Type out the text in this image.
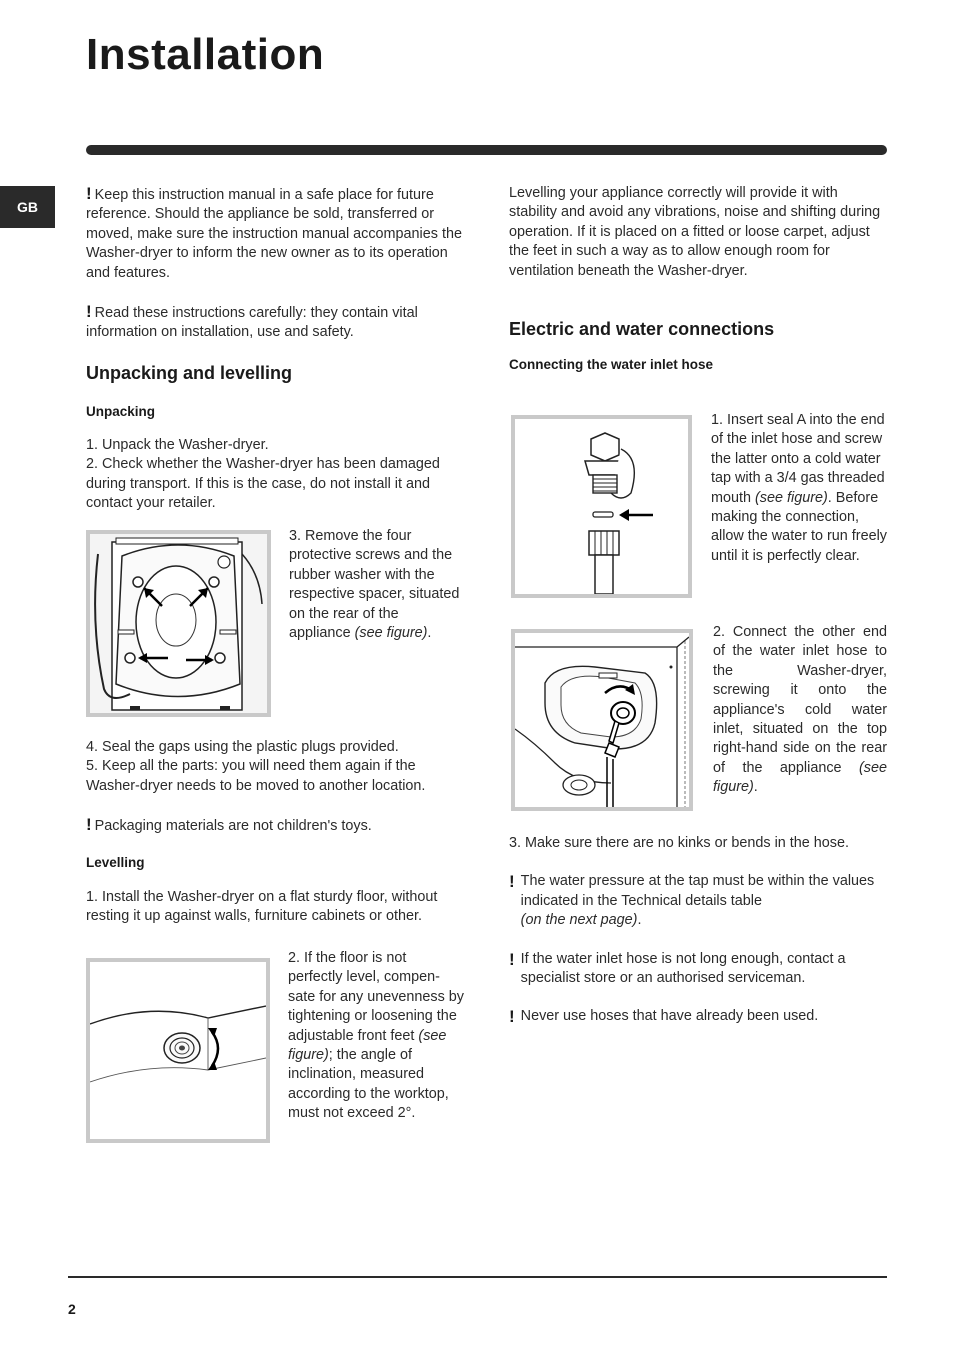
Installation
GB

! Keep this instruction manual in a safe place for future reference. Should the appliance be sold, transferred or moved, make sure the instruction manual accompanies the Washer-dryer to inform the new owner as to its operation and features.

! Read these instructions carefully: they contain vital information on installation, use and safety.

Unpacking and levelling
Unpacking

1. Unpack the Washer-dryer.

2. Check whether the Washer-dryer has been damaged during transport. If this is the case, do not install it and contact your retailer.

3. Remove the four protective screws and the rubber washer with the respective spacer, situated on the rear of the appliance (see figure).

4. Seal the gaps using the plastic plugs provided.

5. Keep all the parts: you will need them again if the Washer-dryer needs to be moved to another location.

! Packaging materials are not children's toys.

Levelling

1. Install the Washer-dryer on a flat sturdy floor, without resting it up against walls, furniture cabinets or other.

2. If the floor is not perfectly level, compen-sate for any unevenness by tightening or loosening the adjustable front feet (see figure); the angle of inclination, measured according to the worktop, must not exceed 2°.

Levelling your appliance correctly will provide it with stability and avoid any vibrations, noise and shifting during operation. If it is placed on a fitted or loose carpet, adjust the feet in such a way as to allow enough room for ventilation beneath the Washer-dryer.

Electric and water connections
Connecting the water inlet hose
1. Insert seal A into the end of the inlet hose and screw the latter onto a cold water tap with a 3/4 gas threaded mouth (see figure). Before making the connection, allow the water to run freely until it is perfectly clear.
2. Connect the other end of the water inlet hose to the Washer-dryer, screwing it onto the appliance's cold water inlet, situated on the top right-hand side on the rear of the appliance (see figure).

3. Make sure there are no kinks or bends in the hose.

! The water pressure at the tap must be within the values indicated in the Technical details table
(on the next page).
! If the water inlet hose is not long enough, contact a specialist store or an authorised serviceman.
! Never use hoses that have already been used.
2
